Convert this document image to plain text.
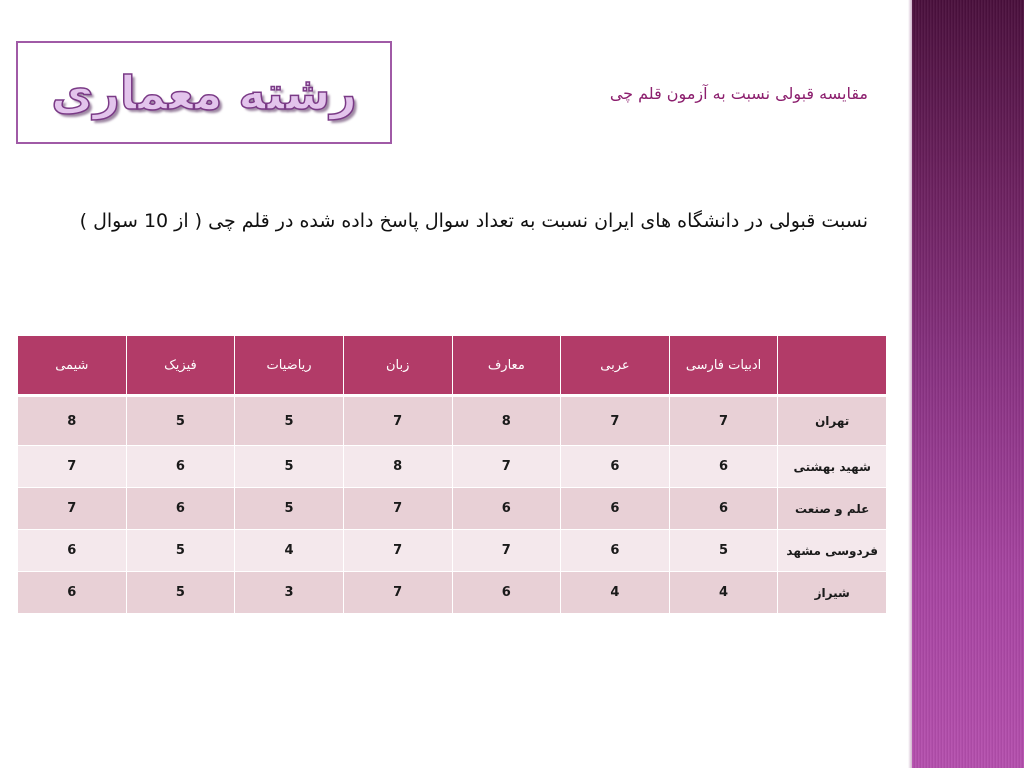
رشته معماری	مقایسه قبولی نسبت به آزمون قلم چی
نسبت قبولی در دانشگاه های ایران نسبت به تعداد سوال پاسخ داده شده در قلم چی ( از 10 سوال )
	ادبیات فارسی	عربی	معارف	زبان	ریاضیات	فیزیک	شیمی
تهران	7	7	8	7	5	5	8
شهید بهشتی	6	6	7	8	5	6	7
علم و صنعت	6	6	6	7	5	6	7
فردوسی مشهد	5	6	7	7	4	5	6
شیراز	4	4	6	7	3	5	6
